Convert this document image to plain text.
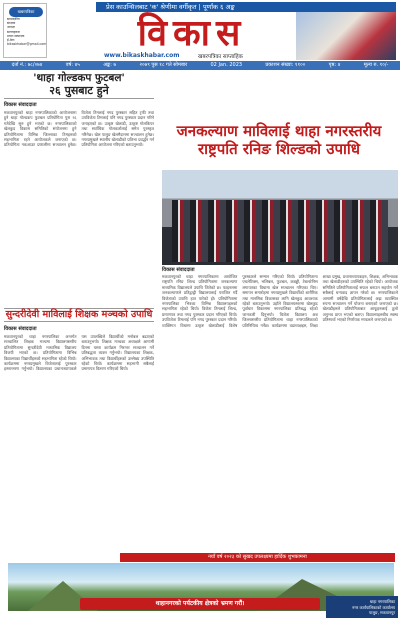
खबरपत्रिका
सम्पादकीय
संरक्षक
अध्यक्ष
सल्लाहकार
प्रधान सम्पादक
ई-मेल:
bikaskhabar@gmail.com
प्रेस काउन्सिलबाट 'क' श्रेणीमा वर्गीकृत | पूर्णांक ६ अङ्क
विकास
www.bikaskhabar.com	खबरपत्रिका साप्ताहिक
दर्ता नं.: ७८/०७४	वर्ष: ४५	अङ्क: ७	२०७९ पुस १८ गते सोमबार	02 Jan. 2023	प्रकाशन संख्या: ११००	पृष्ठ: ४	मूल्य रु. १०/-
'थाहा गोल्डकप फुटबल'
२६ पुसबाट हुने
विकास संवाददाता
मकवानपुरको थाहा नगरपालिकाको आयोजनामा हुने थाहा गोल्डकप फुटबल प्रतियोगिता पुस २६ गतेदेखि सुरु हुने भएको छ। नगरपालिकाको खेलकुद विकास समितिको संयोजनमा हुने प्रतियोगितामा विभिन्न जिल्लाका टिमहरुको सहभागिता रहने आयोजकले जनाएको छ। प्रतियोगिता नकआउट प्रणालीमा सञ्चालन हुनेछ। विजेता टिमलाई नगद पुरस्कार सहित ट्रफी तथा उपविजेता टिमलाई पनि नगद पुरस्कार प्रदान गरिने जनाइएको छ। उत्कृष्ट खेलाडी, उत्कृष्ट गोलकिपर तथा सर्वाधिक गोलकर्तालाई समेत पुरस्कृत गरिनेछ। खेल पालुङ खेलमैदानमा सञ्चालन हुनेछ। नगरप्रमुखले स्थानीय खेलाडीको प्रतिभा प्रवर्द्धन गर्न प्रतियोगिता आयोजना गरिएको बताउनुभयो।
सुन्दरीदेवी मावि‍लाई शिक्षक मञ्चको उपाधि
विकास संवाददाता
मकवानपुरको थाहा नगरपालिका अन्तर्गत सञ्चालित शिक्षक मञ्चमा विद्यालयस्तरीय प्रतियोगितामा सुन्दरीदेवी माध्यमिक विद्यालय विजयी भएको छ। प्रतियोगितामा विभिन्न विद्यालयका विद्यार्थीहरुको सहभागिता रहेको थियो। कार्यक्रममा नगरप्रमुखले विजेतालाई पुरस्कार हस्तान्तरण गर्नुभयो। विद्यालयका प्रधानाध्यापकले यस उपलब्धिले विद्यार्थीको मनोबल बढाएको बताउनुभयो। शिक्षक मञ्चका अध्यक्षले आगामी दिनमा यस्ता कार्यक्रम निरन्तर सञ्चालन गर्ने प्रतिबद्धता व्यक्त गर्नुभयो। विद्यालयका शिक्षक, अभिभावक तथा विद्यार्थीहरुको उल्लेख्य उपस्थिति रहेको थियो। कार्यक्रममा सहभागी सबैलाई प्रमाणपत्र वितरण गरिएको थियो।
जनकल्याण मावि‍लाई थाहा नगरस्तरीय
राष्ट्रपति रनिङ शिल्डको उपाधि
विकास संवाददाता
मकवानपुरको थाहा नगरपालिकामा आयोजित राष्ट्रपति रनिङ शिल्ड प्रतियोगितामा जनकल्याण माध्यमिक विद्यालयले उपाधि जितेको छ। फाइनलमा जनकल्याणले प्रतिद्वन्द्वी विद्यालयलाई पराजित गर्दै विजेताको उपाधि हात पारेको हो। प्रतियोगितामा नगरपालिका भित्रका विभिन्न विद्यालयहरुको सहभागिता रहेको थियो। विजेता टिमलाई शिल्ड, प्रमाणपत्र तथा नगद पुरस्कार प्रदान गरिएको थियो। उपविजेता टिमलाई पनि नगद पुरस्कार प्रदान गरियो। व्यक्तिगत विधामा उत्कृष्ट खेलाडीलाई विशेष पुरस्कारले सम्मान गरिएको थियो। प्रतियोगितामा एथलेटिक्स, भलिबल, फुटबल, कबड्डी, टेबलटेनिस लगायतका विधामा खेल सञ्चालन गरिएका थिए। समापन समारोहमा नगरप्रमुखले विद्यार्थीको शारीरिक तथा मानसिक विकासका लागि खेलकुद आवश्यक रहेको बताउनुभयो। उहाँले विद्यालयस्तरमा खेलकुद पूर्वाधार विकासमा नगरपालिका प्रतिबद्ध रहेको जानकारी दिनुभयो। विजेता विद्यालय अब जिल्लास्तरीय प्रतियोगितामा थाहा नगरपालिकाको प्रतिनिधित्व गर्नेछ। कार्यक्रममा वडाध्यक्षहरु, शिक्षा शाखा प्रमुख, प्रधानाध्यापकहरु, शिक्षक, अभिभावक तथा खेलाडीहरुको उपस्थिति रहेको थियो। आयोजक समितिले प्रतियोगितालाई सफल बनाउन सहयोग गर्ने सबैलाई धन्यवाद ज्ञापन गरेको छ। नगरपालिकाले आगामी वर्षदेखि प्रतियोगितालाई अझ व्यवस्थित रुपमा सञ्चालन गर्ने योजना बनाएको जनाएको छ। खेलाडीहरुले प्रतियोगिताबाट आफूहरुलाई ठूलो अनुभव प्राप्त भएको बताए। विद्यालयहरुबीच स्वस्थ प्रतिस्पर्धा भएको निर्णायक मण्डलले जनाएको छ।
नयाँ वर्ष २०२३ को सुखद उपलक्ष्यमा हार्दिक शुभकामना
थाहानगरको पर्यटकीय क्षेत्रको भ्रमण गरौं।	थाहा नगरपालिका
नगर कार्यपालिकाको कार्यालय
पालुङ, मकवानपुर
